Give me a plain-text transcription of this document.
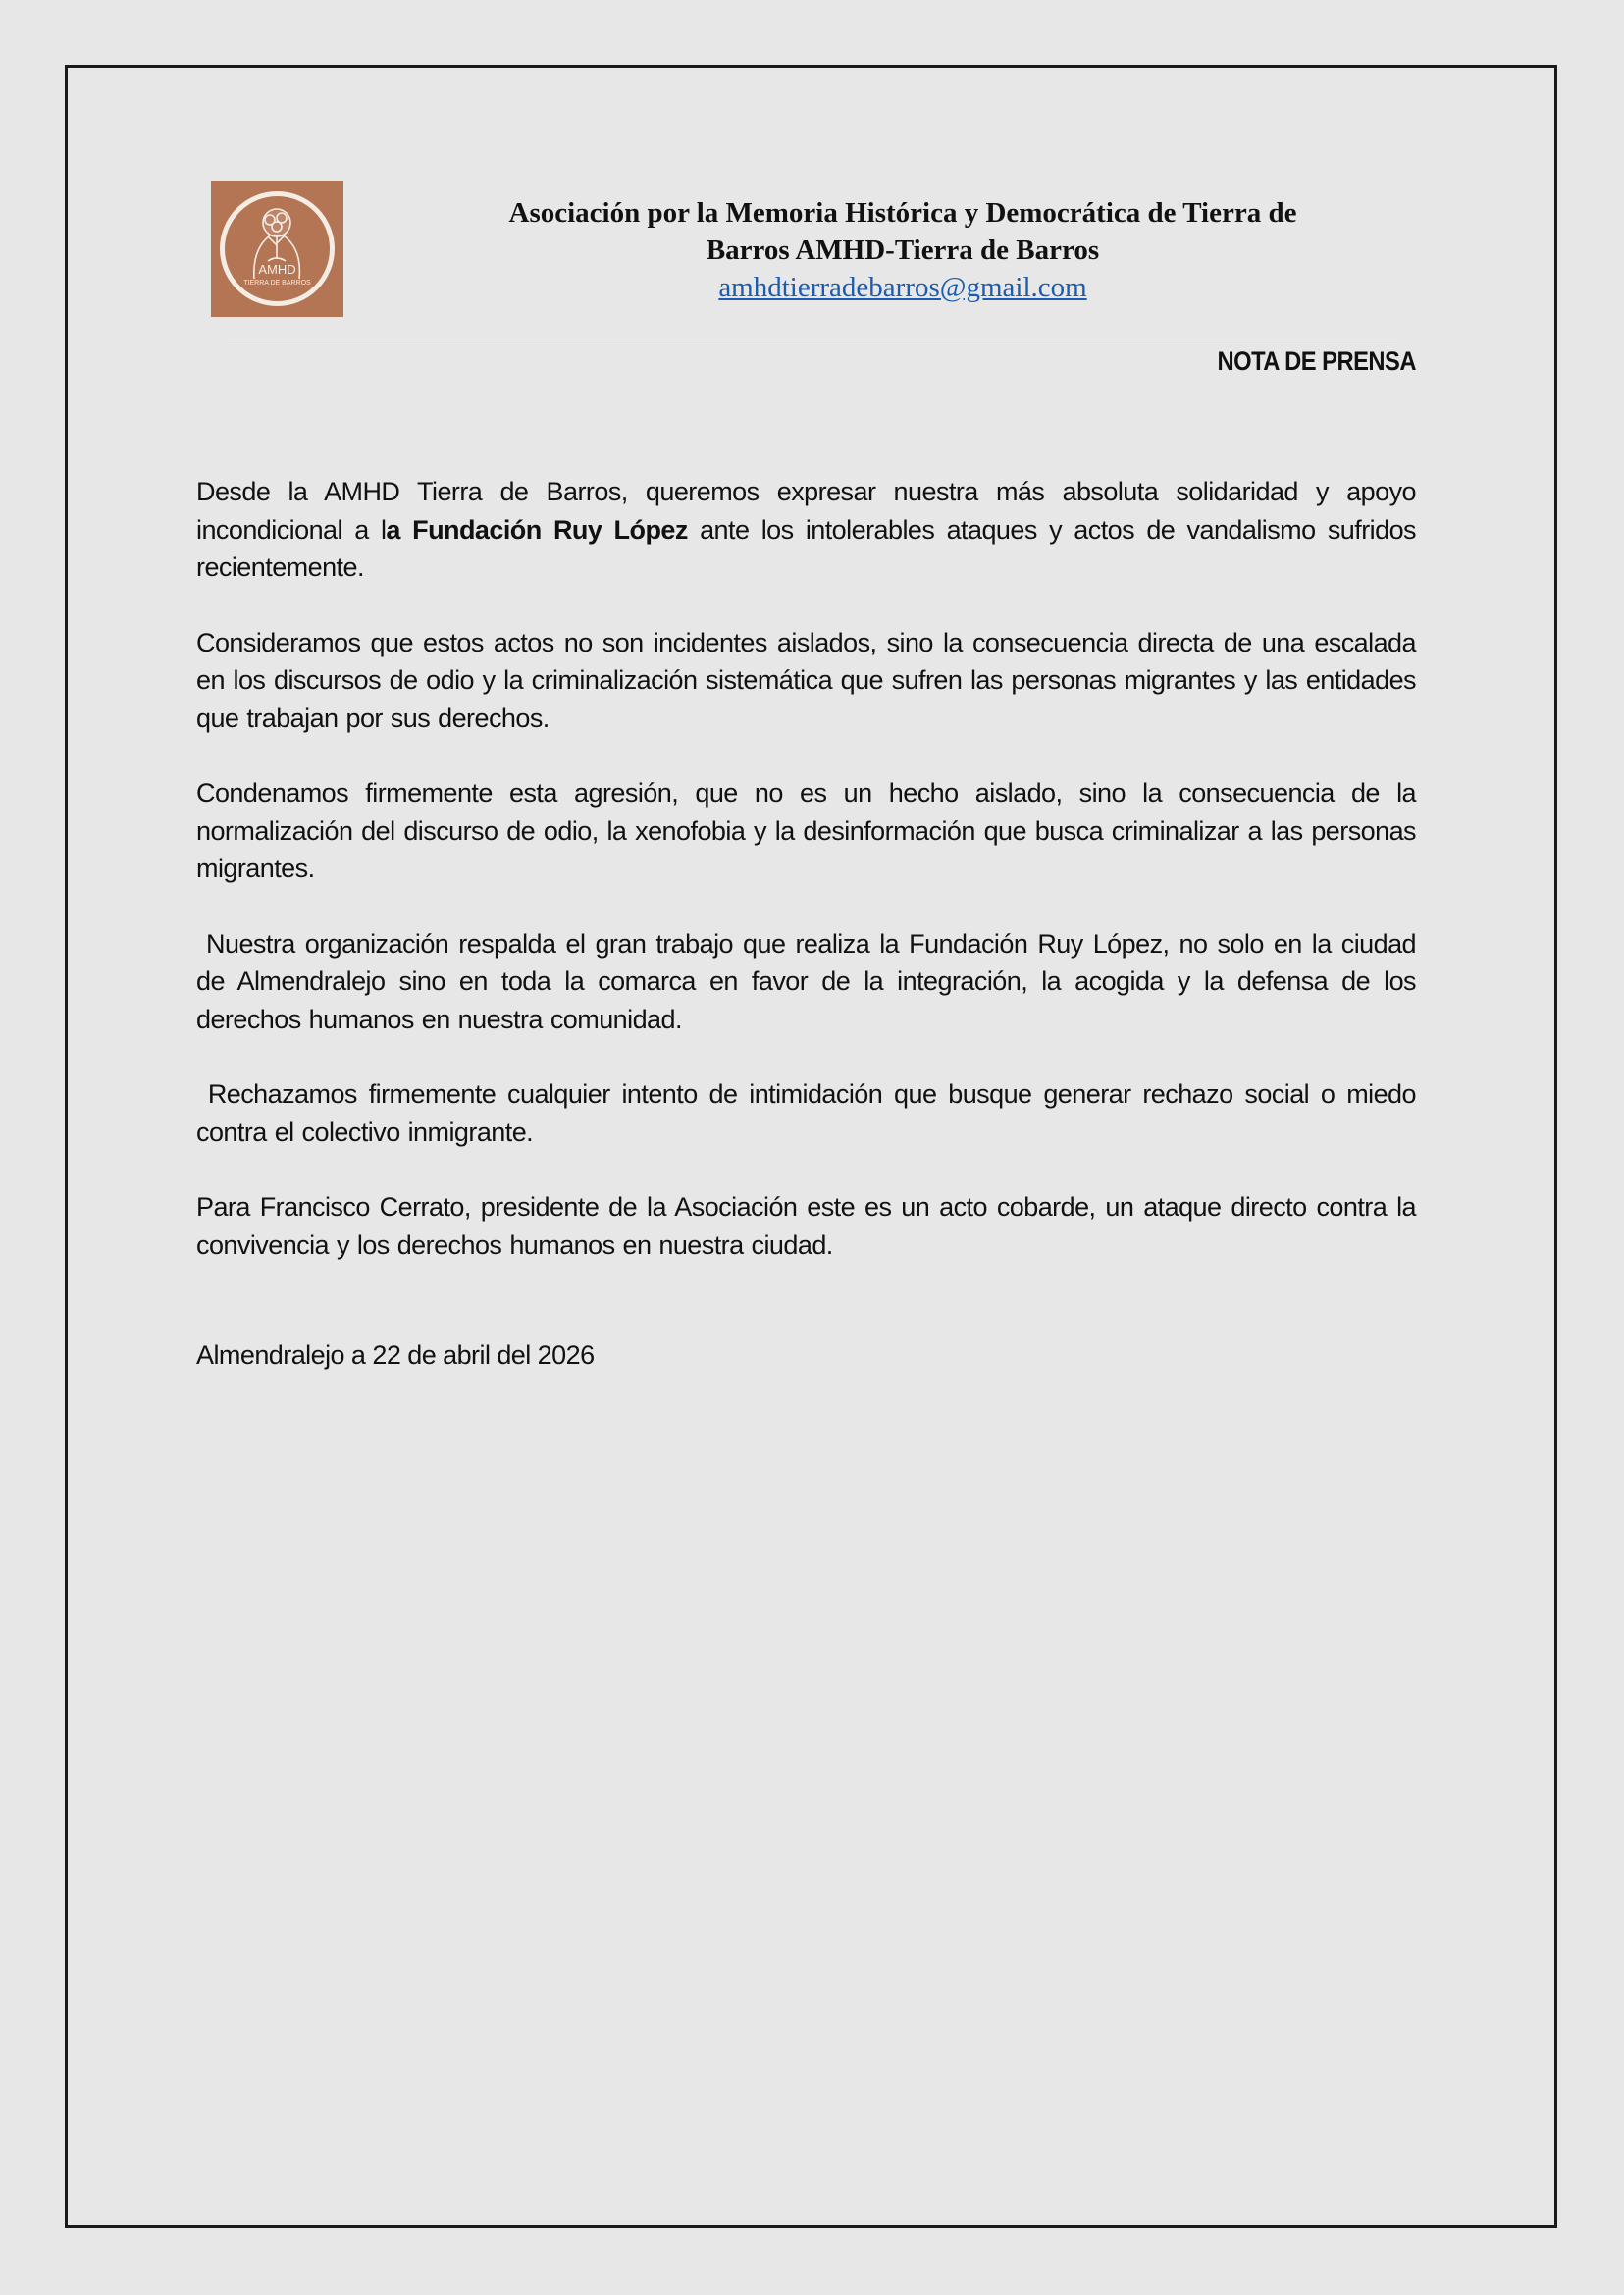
AMHD
TIERRA DE BARROS
Asociación por la Memoria Histórica y Democrática de Tierra de
Barros AMHD-Tierra de Barros
amhdtierradebarros@gmail.com
NOTA DE PRENSA

Desde la AMHD Tierra de Barros, queremos expresar nuestra más absoluta solidaridad y apoyo incondicional a la Fundación Ruy López ante los intolerables ataques y actos de vandalismo sufridos recientemente.

Consideramos que estos actos no son incidentes aislados, sino la consecuencia directa de una escalada en los discursos de odio y la criminalización sistemática que sufren las personas migrantes y las entidades que trabajan por sus derechos.

Condenamos firmemente esta agresión, que no es un hecho aislado, sino la consecuencia de la normalización del discurso de odio, la xenofobia y la desinformación que busca criminalizar a las personas migrantes.

Nuestra organización respalda el gran trabajo que realiza la Fundación Ruy López, no solo en la ciudad de Almendralejo sino en toda la comarca en favor de la integración, la acogida y la defensa de los derechos humanos en nuestra comunidad.

Rechazamos firmemente cualquier intento de intimidación que busque generar rechazo social o miedo contra el colectivo inmigrante.

Para Francisco Cerrato, presidente de la Asociación este es un acto cobarde, un ataque directo contra la convivencia y los derechos humanos en nuestra ciudad.

Almendralejo a 22 de abril del 2026
